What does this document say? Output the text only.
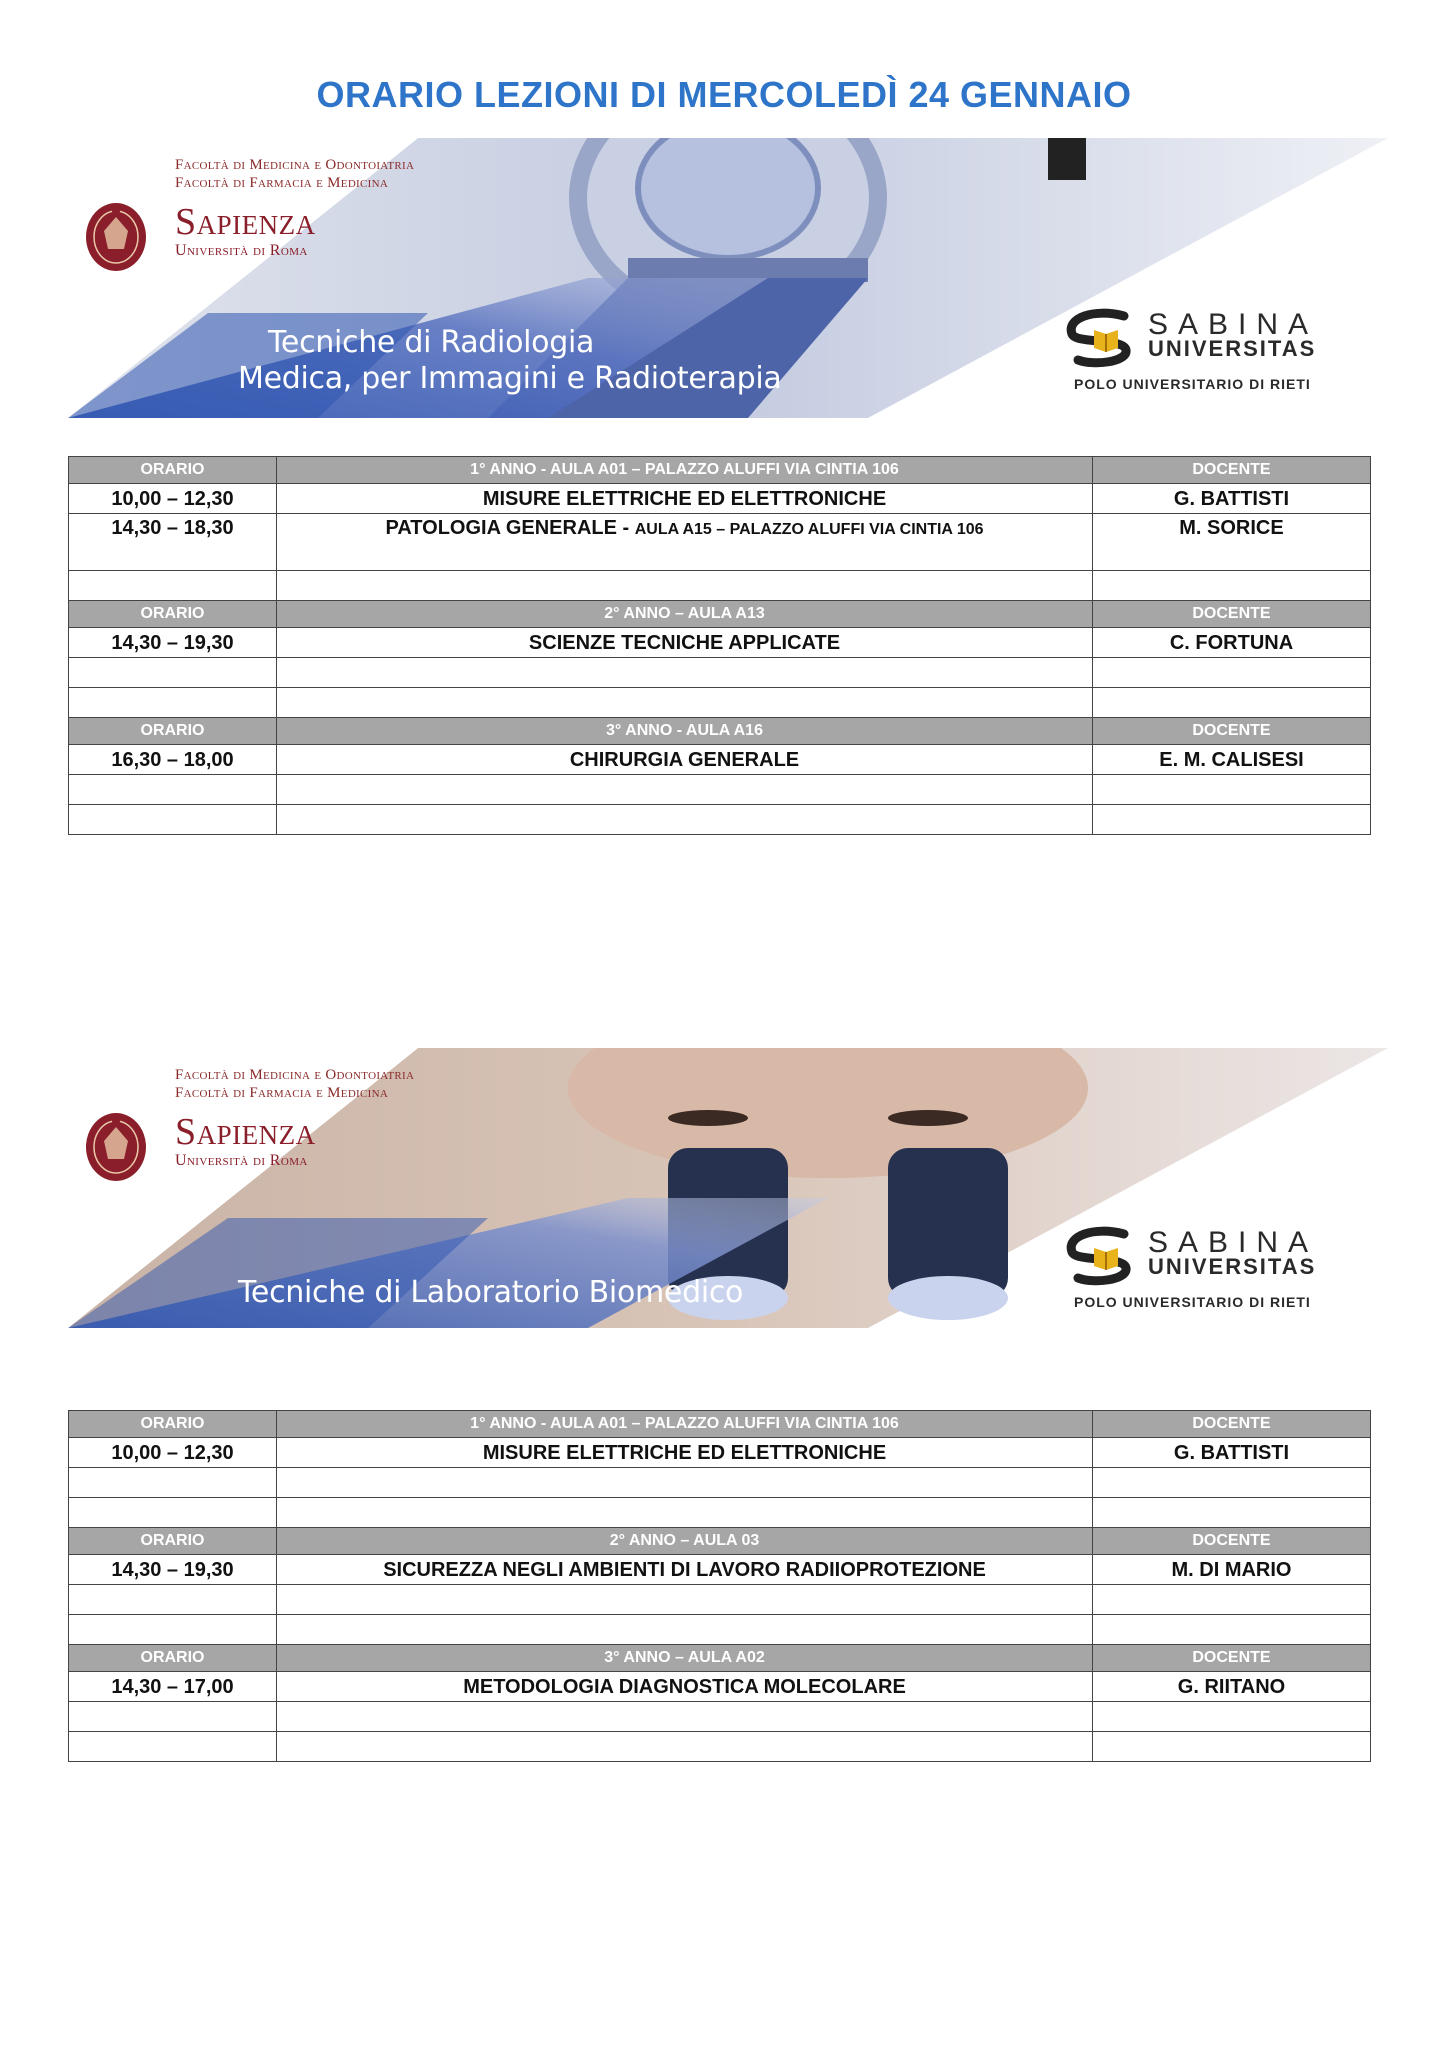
ORARIO LEZIONI DI MERCOLEDÌ 24 GENNAIO
Facoltà di Medicina e Odontoiatria
Facoltà di Farmacia e Medicina
Sapienza
Università di Roma
Tecniche di Radiologia
Medica, per Immagini e Radioterapia
SABINA
UNIVERSITAS
POLO UNIVERSITARIO DI RIETI
ORARIO	1° ANNO - AULA A01 – PALAZZO ALUFFI VIA CINTIA 106	DOCENTE
10,00 – 12,30	MISURE ELETTRICHE ED ELETTRONICHE	G. BATTISTI
14,30 – 18,30	PATOLOGIA GENERALE - AULA A15 – PALAZZO ALUFFI VIA CINTIA 106	M. SORICE

ORARIO	2° ANNO – AULA A13	DOCENTE
14,30 – 19,30	SCIENZE TECNICHE APPLICATE	C. FORTUNA

ORARIO	3° ANNO - AULA A16	DOCENTE
16,30 – 18,00	CHIRURGIA GENERALE	E. M. CALISESI

Facoltà di Medicina e Odontoiatria
Facoltà di Farmacia e Medicina
Sapienza
Università di Roma
Tecniche di Laboratorio Biomedico
SABINA
UNIVERSITAS
POLO UNIVERSITARIO DI RIETI
ORARIO	1° ANNO - AULA A01 – PALAZZO ALUFFI VIA CINTIA 106	DOCENTE
10,00 – 12,30	MISURE ELETTRICHE ED ELETTRONICHE	G. BATTISTI

ORARIO	2° ANNO – AULA 03	DOCENTE
14,30 – 19,30	SICUREZZA NEGLI AMBIENTI DI LAVORO RADIIOPROTEZIONE	M. DI MARIO

ORARIO	3° ANNO – AULA A02	DOCENTE
14,30 – 17,00	METODOLOGIA DIAGNOSTICA MOLECOLARE	G. RIITANO
